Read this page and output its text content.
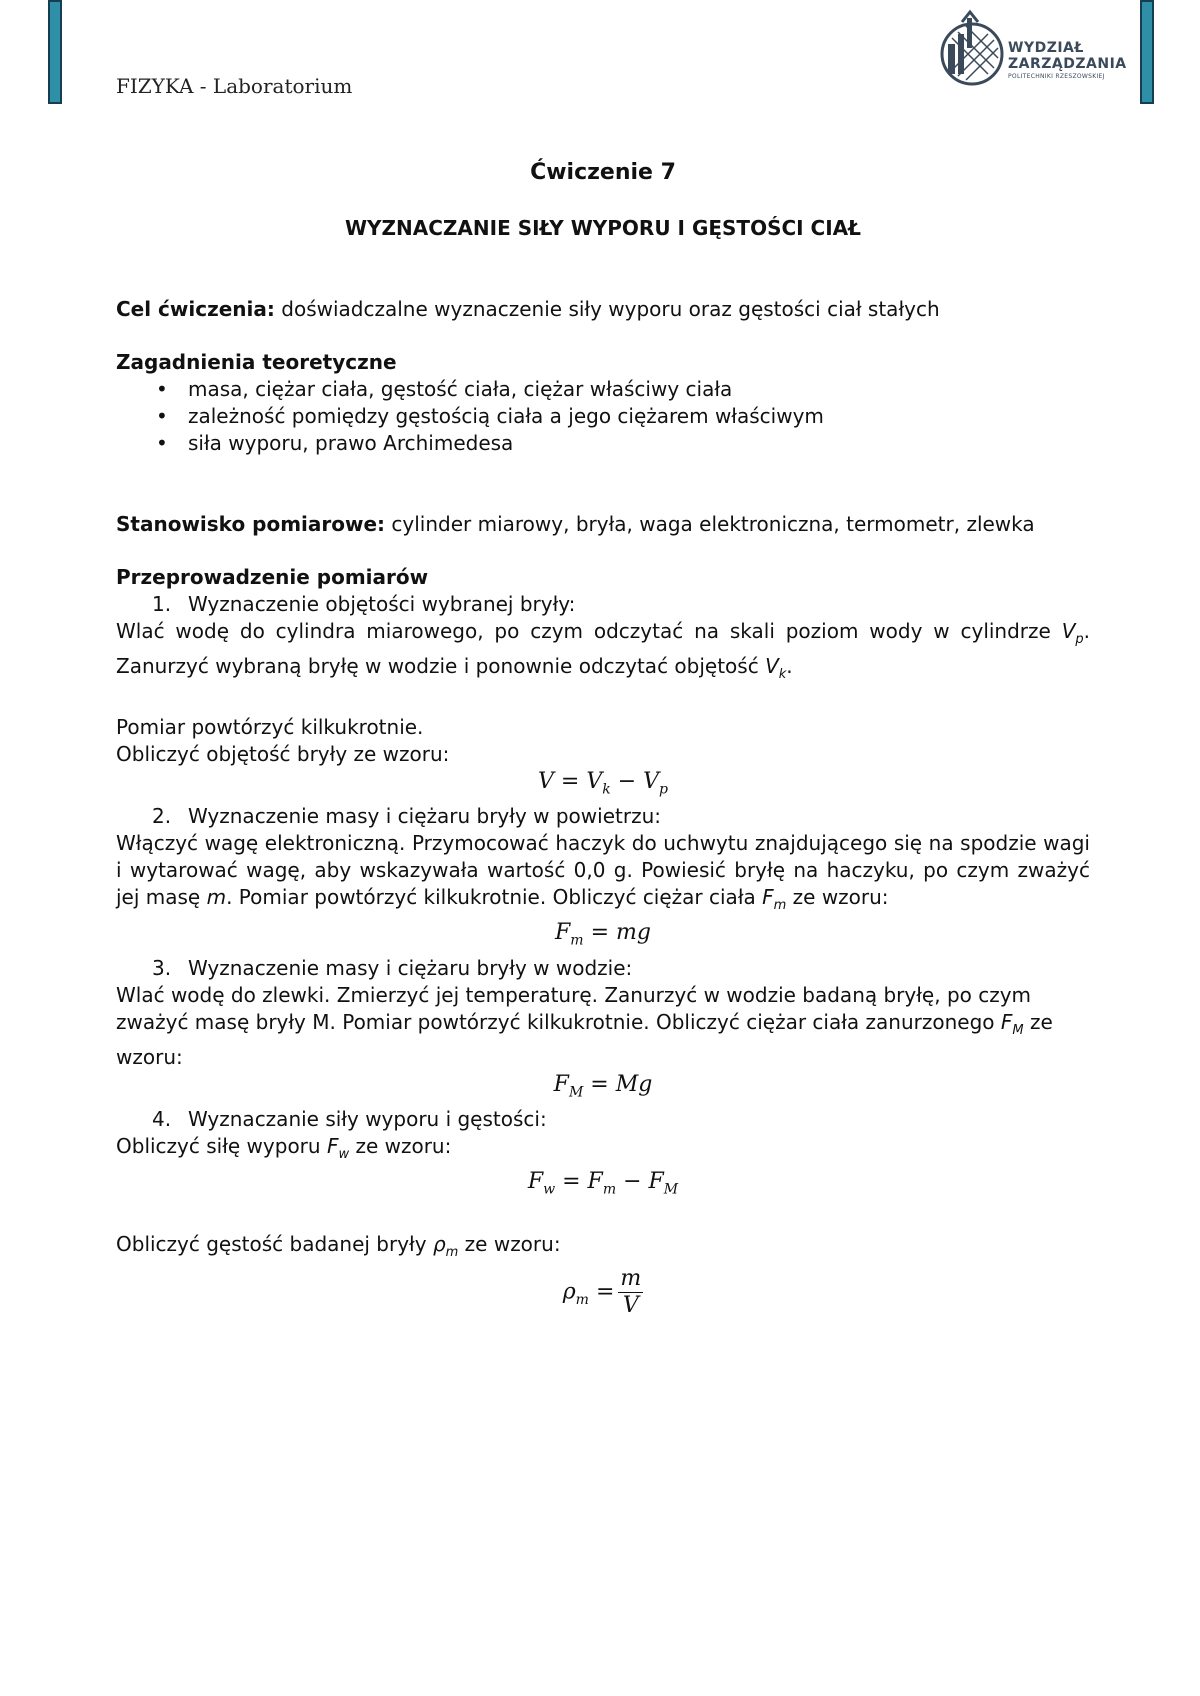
FIZYKA - Laboratorium
WYDZIAŁ
ZARZĄDZANIA
POLITECHNIKI RZESZOWSKIEJ

Ćwiczenie 7

WYZNACZANIE SIŁY WYPORU I GĘSTOŚCI CIAŁ

Cel ćwiczenia: doświadczalne wyznaczenie siły wyporu oraz gęstości ciał stałych

Zagadnienia teoretyczne

• masa, ciężar ciała, gęstość ciała, ciężar właściwy ciała
• zależność pomiędzy gęstością ciała a jego ciężarem właściwym
• siła wyporu, prawo Archimedesa

Stanowisko pomiarowe: cylinder miarowy, bryła, waga elektroniczna, termometr, zlewka

Przeprowadzenie pomiarów

1. Wyznaczenie objętości wybranej bryły:

Wlać wodę do cylindra miarowego, po czym odczytać na skali poziom wody w cylindrze $V_p$. Zanurzyć wybraną bryłę w wodzie i ponownie odczytać objętość $V_k$.

Pomiar powtórzyć kilkukrotnie.

Obliczyć objętość bryły ze wzoru:

$V = V_k - V_p$

2. Wyznaczenie masy i ciężaru bryły w powietrzu:

Włączyć wagę elektroniczną. Przymocować haczyk do uchwytu znajdującego się na spodzie wagi i wytarować wagę, aby wskazywała wartość 0,0 g. Powiesić bryłę na haczyku, po czym zważyć jej masę m. Pomiar powtórzyć kilkukrotnie. Obliczyć ciężar ciała $F_m$ ze wzoru:

$F_m$ = mg

3. Wyznaczenie masy i ciężaru bryły w wodzie:

Wlać wodę do zlewki. Zmierzyć jej temperaturę. Zanurzyć w wodzie badaną bryłę, po czym zważyć masę bryły M. Pomiar powtórzyć kilkukrotnie. Obliczyć ciężar ciała zanurzonego $F_M$ ze wzoru:

$F_M = Mg$

4. Wyznaczanie siły wyporu i gęstości:

Obliczyć siłę wyporu $F_w$ ze wzoru:

$F_w = F_m - F_M$

Obliczyć gęstość badanej bryły $\rho_m$ ze wzoru:

$\rho_m = \frac{m}{V}$
